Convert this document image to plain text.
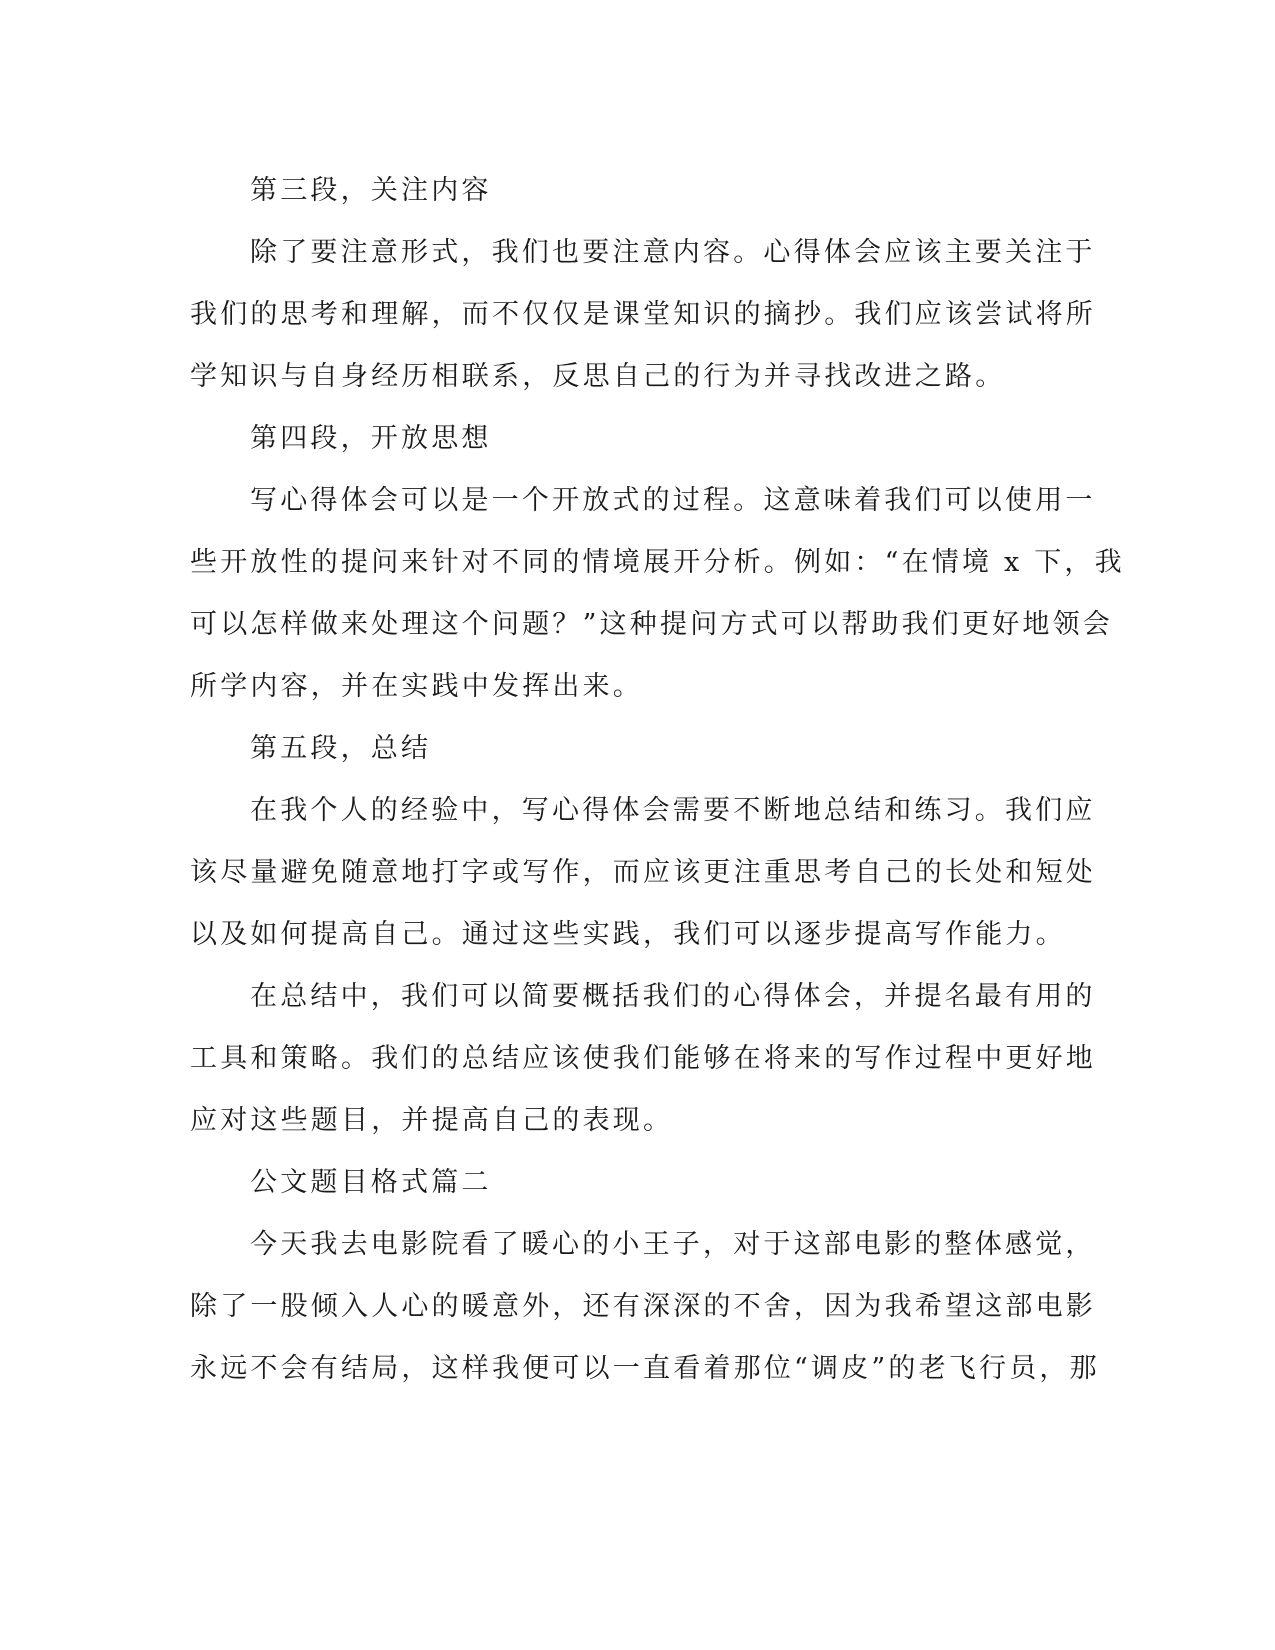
第三段，关注内容
除了要注意形式，我们也要注意内容。心得体会应该主要关注于
我们的思考和理解，而不仅仅是课堂知识的摘抄。我们应该尝试将所
学知识与自身经历相联系，反思自己的行为并寻找改进之路。
第四段，开放思想
写心得体会可以是一个开放式的过程。这意味着我们可以使用一
些开放性的提问来针对不同的情境展开分析。例如：“在情境 x 下，我
可以怎样做来处理这个问题？”这种提问方式可以帮助我们更好地领会
所学内容，并在实践中发挥出来。
第五段，总结
在我个人的经验中，写心得体会需要不断地总结和练习。我们应
该尽量避免随意地打字或写作，而应该更注重思考自己的长处和短处
以及如何提高自己。通过这些实践，我们可以逐步提高写作能力。
在总结中，我们可以简要概括我们的心得体会，并提名最有用的
工具和策略。我们的总结应该使我们能够在将来的写作过程中更好地
应对这些题目，并提高自己的表现。
公文题目格式篇二
今天我去电影院看了暖心的小王子，对于这部电影的整体感觉，
除了一股倾入人心的暖意外，还有深深的不舍，因为我希望这部电影
永远不会有结局，这样我便可以一直看着那位“调皮”的老飞行员，那
